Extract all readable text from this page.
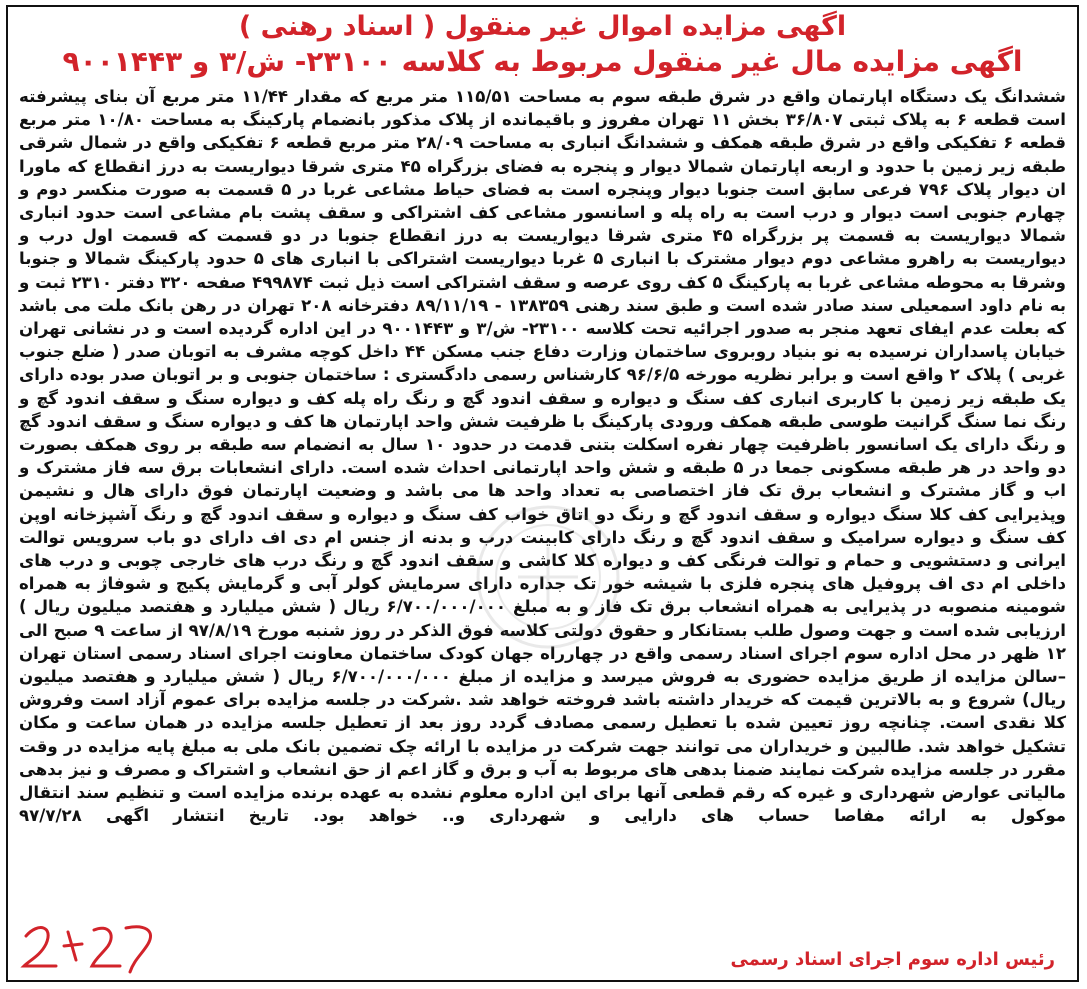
اگهی مزایده اموال غیر منقول ( اسناد رهنی )
اگهی مزایده مال غیر منقول مربوط به کلاسه ۲۳۱۰۰- ش/۳ و ۹۰۰۱۴۴۳
ششدانگ یک دستگاه اپارتمان واقع در شرق طبقه سوم به مساحت ۱۱۵/۵۱ متر مربع که مقدار ۱۱/۴۴ متر مربع آن بنای پیشرفته است قطعه ۶ به پلاک ثبتی ۳۶/۸۰۷ بخش ۱۱ تهران مفروز و باقیمانده از پلاک مذکور بانضمام پارکینگ به مساحت ۱۰/۸۰ متر مربع قطعه ۶ تفکیکی واقع در شرق طبقه همکف و ششدانگ انباری به مساحت ۲۸/۰۹ متر مربع قطعه ۶ تفکیکی واقع در شمال شرقی طبقه زیر زمین با حدود و اربعه اپارتمان شمالا دیوار و پنجره به فضای بزرگراه ۴۵ متری شرقا دیواریست به درز انقطاع که ماورا ان دیوار پلاک ۷۹۶ فرعی سابق است جنوبا دیوار وپنجره است به فضای حیاط مشاعی غربا در ۵ قسمت به صورت منکسر دوم و چهارم جنوبی است دیوار و درب است به راه پله و اسانسور مشاعی کف اشتراکی و سقف پشت بام مشاعی است حدود انباری شمالا دیواریست به قسمت پر بزرگراه ۴۵ متری شرقا دیواریست به درز انقطاع جنوبا در دو قسمت که قسمت اول درب و دیواریست به راهرو مشاعی دوم دیوار مشترک با انباری ۵ غربا دیواریست اشتراکی با انباری های ۵ حدود پارکینگ شمالا و جنوبا وشرقا به محوطه مشاعی غربا به پارکینگ ۵ کف روی عرصه و سقف اشتراکی است ذیل ثبت ۴۹۹۸۷۴ صفحه ۳۲۰ دفتر ۲۳۱۰ ثبت و به نام داود اسمعیلی سند صادر شده است و طبق سند رهنی ۱۳۸۳۵۹ - ۸۹/۱۱/۱۹ دفترخانه ۲۰۸ تهران در رهن بانک ملت می باشد که بعلت عدم ایفای تعهد منجر به صدور اجرائیه تحت کلاسه ۲۳۱۰۰- ش/۳ و ۹۰۰۱۴۴۳ در این اداره گردیده است و در نشانی تهران خیابان پاسداران نرسیده به نو بنیاد روبروی ساختمان وزارت دفاع جنب مسکن ۴۴ داخل کوچه مشرف به اتوبان صدر ( ضلع جنوب غربی ) پلاک ۲ واقع است و برابر نظریه مورخه ۹۶/۶/۵ کارشناس رسمی دادگستری : ساختمان جنوبی و بر اتوبان صدر بوده دارای یک طبقه زیر زمین با کاربری انباری کف سنگ و دیواره و سقف اندود گچ و رنگ راه پله کف و دیواره سنگ و سقف اندود گچ و رنگ نما سنگ گرانیت طوسی طبقه همکف ورودی پارکینگ با ظرفیت شش واحد اپارتمان ها کف و دیواره سنگ و سقف اندود گچ و رنگ دارای یک اسانسور باظرفیت چهار نفره اسکلت بتنی قدمت در حدود ۱۰ سال به انضمام سه طبقه بر روی همکف بصورت دو واحد در هر طبقه مسکونی جمعا در ۵ طبقه و شش واحد اپارتمانی احداث شده است. دارای انشعابات برق سه فاز مشترک و اب و گاز مشترک و انشعاب برق تک فاز اختصاصی به تعداد واحد ها می باشد و وضعیت اپارتمان فوق دارای هال و نشیمن وپذیرایی کف کلا سنگ دیواره و سقف اندود گچ و رنگ دو اتاق خواب کف سنگ و دیواره و سقف اندود گچ و رنگ آشپزخانه اوپن کف سنگ و دیواره سرامیک و سقف اندود گچ و رنگ دارای کابینت درب و بدنه از جنس ام دی اف دارای دو باب سرویس توالت ایرانی و دستشویی و حمام و توالت فرنگی کف و دیواره کلا کاشی و سقف اندود گچ و رنگ درب های خارجی چوبی و درب های داخلی ام دی اف پروفیل های پنجره فلزی با شیشه خور تک جداره دارای سرمایش کولر آبی و گرمایش پکیج و شوفاژ به همراه شومینه منصوبه در پذیرایی به همراه انشعاب برق تک فاز و به مبلغ ۶/۷۰۰/۰۰۰/۰۰۰ ریال ( شش میلیارد و هفتصد میلیون ریال ) ارزیابی شده است و جهت وصول طلب بستانکار و حقوق دولتی کلاسه فوق الذکر در روز شنبه مورخ ۹۷/۸/۱۹ از ساعت ۹ صبح الی ۱۲ ظهر در محل اداره سوم اجرای اسناد رسمی واقع در چهارراه جهان کودک ساختمان معاونت اجرای اسناد رسمی استان تهران –سالن مزایده از طریق مزایده حضوری به فروش میرسد و مزایده از مبلغ ۶/۷۰۰/۰۰۰/۰۰۰ ریال ( شش میلیارد و هفتصد میلیون ریال) شروع و به بالاترین قیمت که خریدار داشته باشد فروخته خواهد شد .شرکت در جلسه مزایده برای عموم آزاد است وفروش کلا نقدی است. چنانچه روز تعیین شده با تعطیل رسمی مصادف گردد روز بعد از تعطیل جلسه مزایده در همان ساعت و مکان تشکیل خواهد شد. طالبین و خریداران می توانند جهت شرکت در مزایده با ارائه چک تضمین بانک ملی به مبلغ پایه مزایده در وقت مقرر در جلسه مزایده شرکت نمایند ضمنا بدهی های مربوط به آب و برق و گاز اعم از حق انشعاب و اشتراک و مصرف و نیز بدهی مالیاتی عوارض شهرداری و غیره که رقم قطعی آنها برای این اداره معلوم نشده به عهده برنده مزایده است و تنظیم سند انتقال موکول به ارائه مفاصا حساب های دارایی و شهرداری و.. خواهد بود. تاریخ انتشار اگهی ۹۷/۷/۲۸
رئیس اداره سوم اجرای اسناد رسمی
